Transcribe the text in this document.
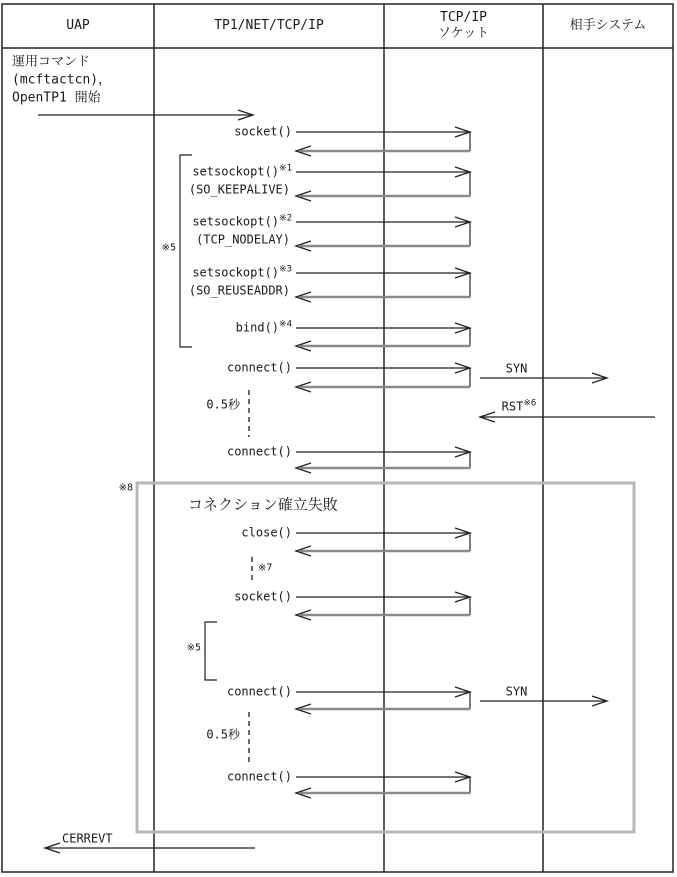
UAP	TP1/NET/TCP/IP
TCP/IP
ソケット
相手システム
運用コマンド
(mcftactcn)，
OpenTP1 開始
socket()
setsockopt()$^{※1}$
(SO_KEEPALIVE)
setsockopt()$^{※2}$
(TCP_NODELAY)
setsockopt()$^{※3}$
(SO_REUSEADDR)
bind()$^{※4}$
connect()
0.5秒
connect()
コネクション確立失敗
close()
socket()
connect()
0.5秒
connect()
SYN
RST$^{※6}$
SYN
CERREVT
※5
※8
※7
※5
